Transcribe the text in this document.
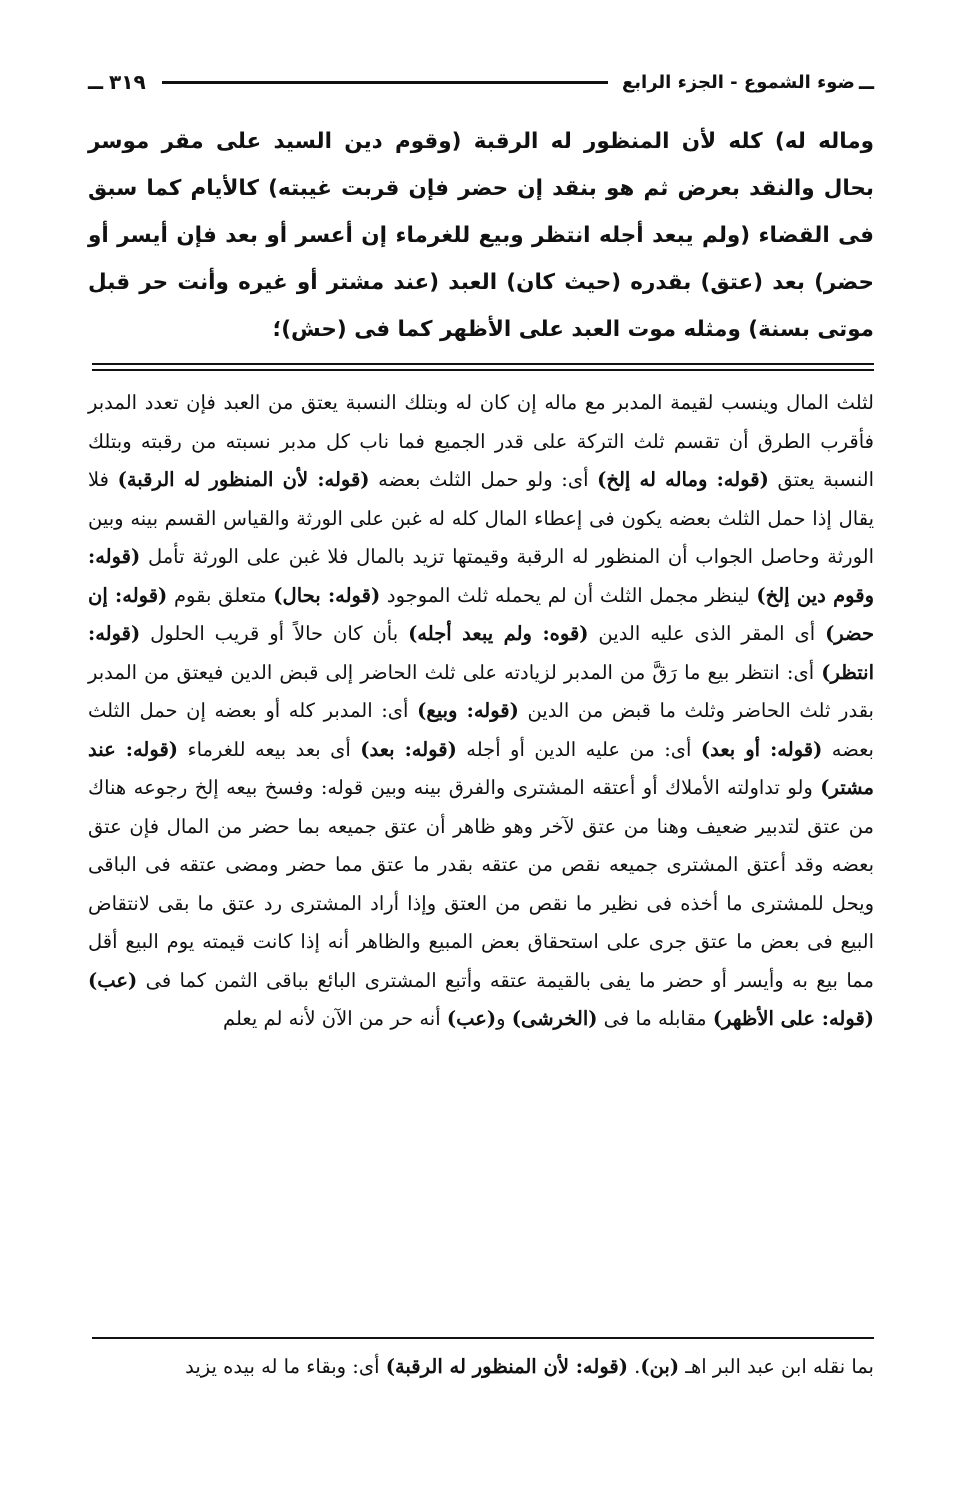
ــ
ضوء الشموع - الجزء الرابع
٣١٩
ــ

وماله له) كله لأن المنظور له الرقبة (وقوم دين السيد على مقر موسر بحال والنقد بعرض ثم هو بنقد إن حضر فإن قربت غيبته) كالأيام كما سبق فى القضاء (ولم يبعد أجله انتظر وبيع للغرماء إن أعسر أو بعد فإن أيسر أو حضر) بعد (عتق) بقدره (حيث كان) العبد (عند مشتر أو غيره وأنت حر قبل موتى بسنة) ومثله موت العبد على الأظهر كما فى (حش)؛

لثلث المال وينسب لقيمة المدبر مع ماله إن كان له وبتلك النسبة يعتق من العبد فإن تعدد المدبر فأقرب الطرق أن تقسم ثلث التركة على قدر الجميع فما ناب كل مدبر نسبته من رقبته وبتلك النسبة يعتق (قوله: وماله له إلخ) أى: ولو حمل الثلث بعضه (قوله: لأن المنظور له الرقبة) فلا يقال إذا حمل الثلث بعضه يكون فى إعطاء المال كله له غبن على الورثة والقياس القسم بينه وبين الورثة وحاصل الجواب أن المنظور له الرقبة وقيمتها تزيد بالمال فلا غبن على الورثة تأمل (قوله: وقوم دين إلخ) لينظر مجمل الثلث أن لم يحمله ثلث الموجود (قوله: بحال) متعلق بقوم (قوله: إن حضر) أى المقر الذى عليه الدين (قوه: ولم يبعد أجله) بأن كان حالاً أو قريب الحلول (قوله: انتظر) أى: انتظر بيع ما رَقَّ من المدبر لزيادته على ثلث الحاضر إلى قبض الدين فيعتق من المدبر بقدر ثلث الحاضر وثلث ما قبض من الدين (قوله: وبيع) أى: المدبر كله أو بعضه إن حمل الثلث بعضه (قوله: أو بعد) أى: من عليه الدين أو أجله (قوله: بعد) أى بعد بيعه للغرماء (قوله: عند مشتر) ولو تداولته الأملاك أو أعتقه المشترى والفرق بينه وبين قوله: وفسخ بيعه إلخ رجوعه هناك من عتق لتدبير ضعيف وهنا من عتق لآخر وهو ظاهر أن عتق جميعه بما حضر من المال فإن عتق بعضه وقد أعتق المشترى جميعه نقص من عتقه بقدر ما عتق مما حضر ومضى عتقه فى الباقى ويحل للمشترى ما أخذه فى نظير ما نقص من العتق وإذا أراد المشترى رد عتق ما بقى لانتقاض البيع فى بعض ما عتق جرى على استحقاق بعض المبيع والظاهر أنه إذا كانت قيمته يوم البيع أقل مما بيع به وأيسر أو حضر ما يفى بالقيمة عتقه وأتبع المشترى البائع بباقى الثمن كما فى (عب) (قوله: على الأظهر) مقابله ما فى (الخرشى) و(عب) أنه حر من الآن لأنه لم يعلم

بما نقله ابن عبد البر اهـ (بن). (قوله: لأن المنظور له الرقبة) أى: وبقاء ما له بيده يزيد
